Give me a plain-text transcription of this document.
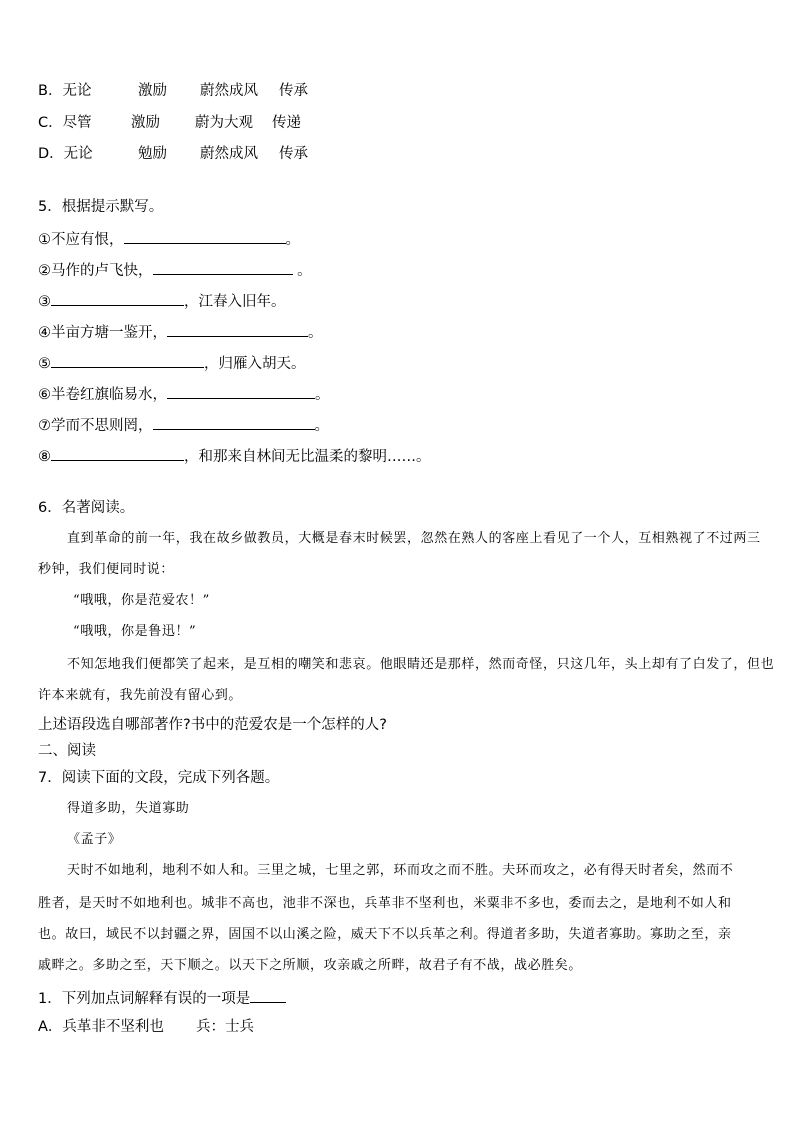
B．无论	激励 蔚然成风 传承
C．尽管	激励 蔚为大观 传递
D．无论	勉励 蔚然成风 传承
5．根据提示默写。
①不应有恨，	。
②马作的卢飞快，	。
③	，江春入旧年。
④半亩方塘一鉴开，	。
⑤	，归雁入胡天。
⑥半卷红旗临易水，	。
⑦学而不思则罔，	。
⑧	，和那来自林间无比温柔的黎明……。
6．名著阅读。
直到革命的前一年，我在故乡做教员，大概是春末时候罢，忽然在熟人的客座上看见了一个人，互相熟视了不过两三
秒钟，我们便同时说：
“哦哦，你是范爱农！”
“哦哦，你是鲁迅！”
不知怎地我们便都笑了起来，是互相的嘲笑和悲哀。他眼睛还是那样，然而奇怪，只这几年，头上却有了白发了，但也
许本来就有，我先前没有留心到。
上述语段选自哪部著作?书中的范爱农是一个怎样的人?
二、阅读
7．阅读下面的文段，完成下列各题。
得道多助，失道寡助
《孟子》
天时不如地利，地利不如人和。三里之城，七里之郭，环而攻之而不胜。夫环而攻之，必有得天时者矣，然而不
胜者，是天时不如地利也。城非不高也，池非不深也，兵革非不坚利也，米粟非不多也，委而去之，是地利不如人和
也。故曰，域民不以封疆之界，固国不以山溪之险，威天下不以兵革之利。得道者多助，失道者寡助。寡助之至，亲
戚畔之。多助之至，天下顺之。以天下之所顺，攻亲戚之所畔，故君子有不战，战必胜矣。
1．下列加点词解释有误的一项是
A．兵革非不坚利也 兵：士兵
